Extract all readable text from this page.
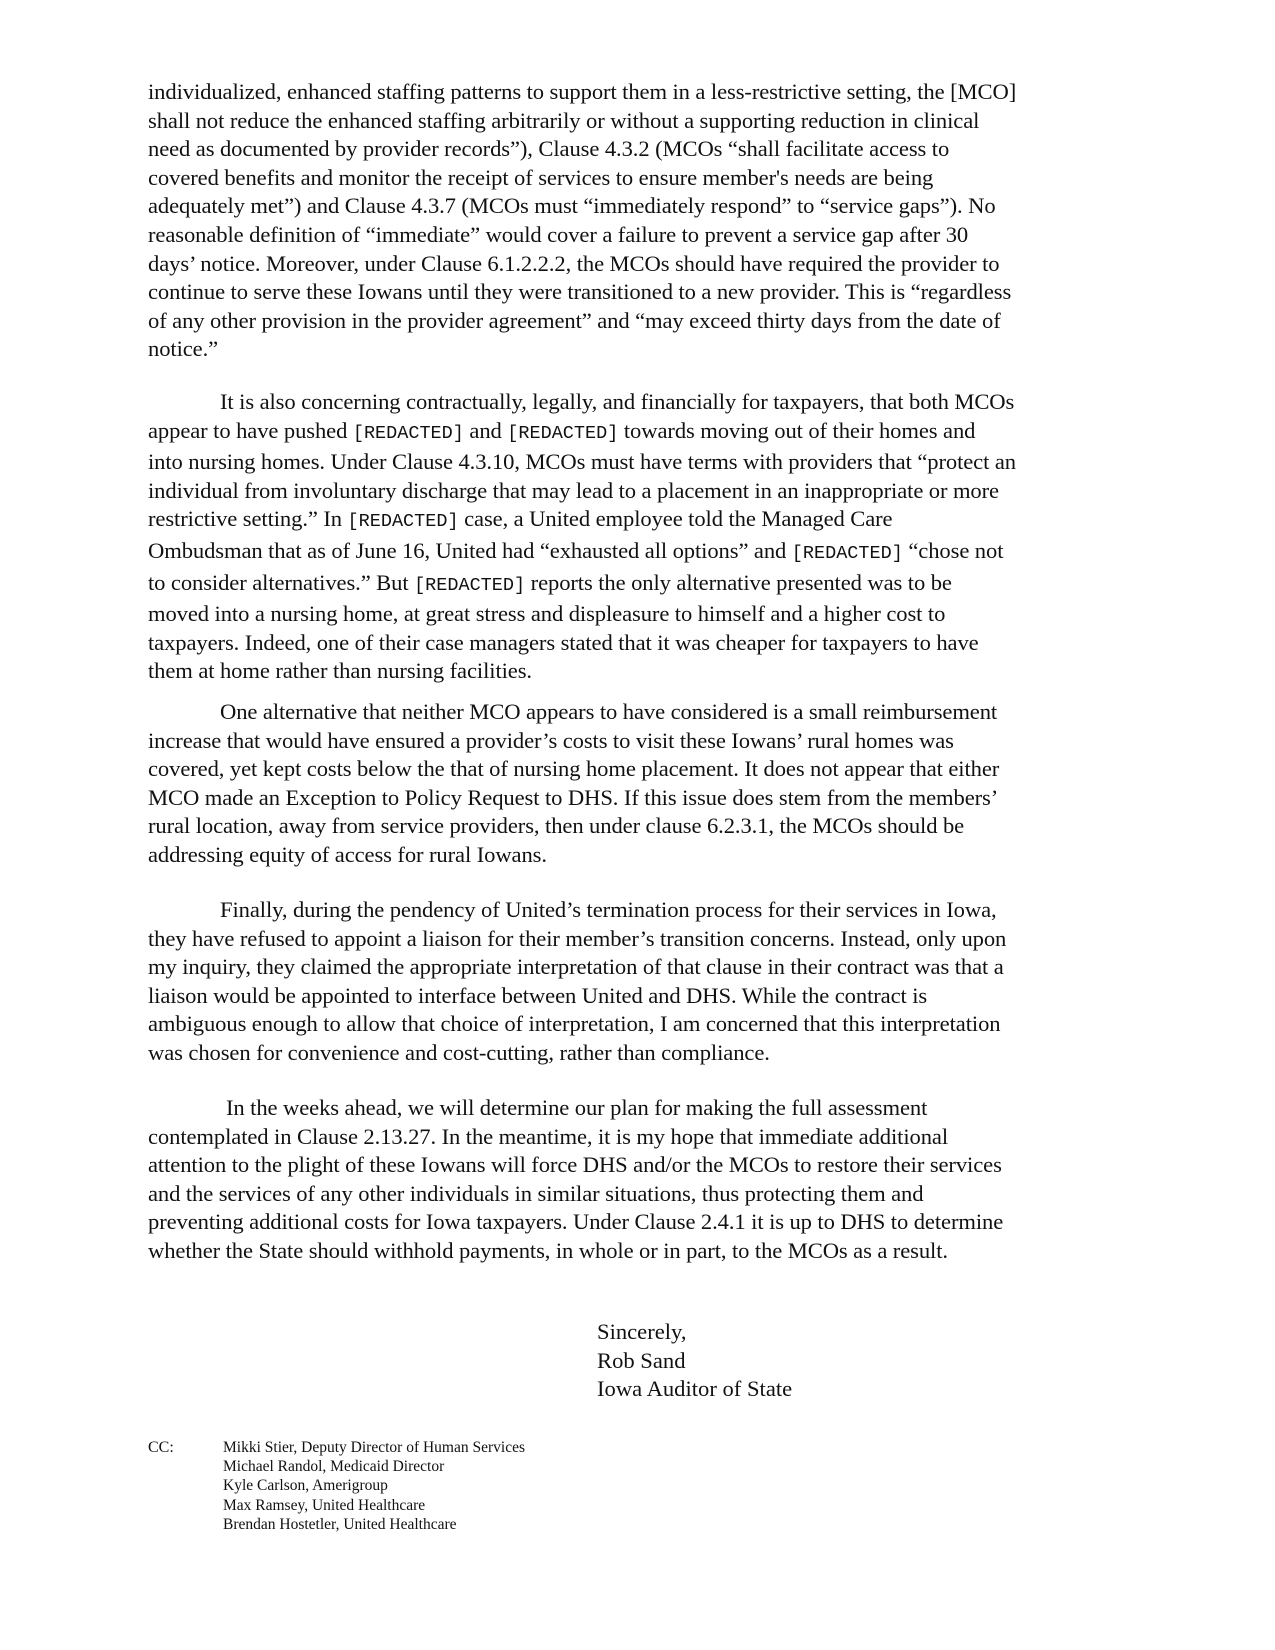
individualized, enhanced staffing patterns to support them in a less-restrictive setting, the [MCO]
shall not reduce the enhanced staffing arbitrarily or without a supporting reduction in clinical
need as documented by provider records”), Clause 4.3.2 (MCOs “shall facilitate access to
covered benefits and monitor the receipt of services to ensure member's needs are being
adequately met”) and Clause 4.3.7 (MCOs must “immediately respond” to “service gaps”). No
reasonable definition of “immediate” would cover a failure to prevent a service gap after 30
days’ notice. Moreover, under Clause 6.1.2.2.2, the MCOs should have required the provider to
continue to serve these Iowans until they were transitioned to a new provider. This is “regardless
of any other provision in the provider agreement” and “may exceed thirty days from the date of
notice.”

It is also concerning contractually, legally, and financially for taxpayers, that both MCOs
appear to have pushed [REDACTED] and [REDACTED] towards moving out of their homes and
into nursing homes. Under Clause 4.3.10, MCOs must have terms with providers that “protect an
individual from involuntary discharge that may lead to a placement in an inappropriate or more
restrictive setting.” In [REDACTED] case, a United employee told the Managed Care
Ombudsman that as of June 16, United had “exhausted all options” and [REDACTED] “chose not
to consider alternatives.” But [REDACTED] reports the only alternative presented was to be
moved into a nursing home, at great stress and displeasure to himself and a higher cost to
taxpayers. Indeed, one of their case managers stated that it was cheaper for taxpayers to have
them at home rather than nursing facilities.

One alternative that neither MCO appears to have considered is a small reimbursement
increase that would have ensured a provider’s costs to visit these Iowans’ rural homes was
covered, yet kept costs below the that of nursing home placement. It does not appear that either
MCO made an Exception to Policy Request to DHS. If this issue does stem from the members’
rural location, away from service providers, then under clause 6.2.3.1, the MCOs should be
addressing equity of access for rural Iowans.

Finally, during the pendency of United’s termination process for their services in Iowa,
they have refused to appoint a liaison for their member’s transition concerns. Instead, only upon
my inquiry, they claimed the appropriate interpretation of that clause in their contract was that a
liaison would be appointed to interface between United and DHS. While the contract is
ambiguous enough to allow that choice of interpretation, I am concerned that this interpretation
was chosen for convenience and cost-cutting, rather than compliance.

In the weeks ahead, we will determine our plan for making the full assessment
contemplated in Clause 2.13.27. In the meantime, it is my hope that immediate additional
attention to the plight of these Iowans will force DHS and/or the MCOs to restore their services
and the services of any other individuals in similar situations, thus protecting them and
preventing additional costs for Iowa taxpayers. Under Clause 2.4.1 it is up to DHS to determine
whether the State should withhold payments, in whole or in part, to the MCOs as a result.

Sincerely,
Rob Sand
Iowa Auditor of State
CC:	Mikki Stier, Deputy Director of Human Services
Michael Randol, Medicaid Director
Kyle Carlson, Amerigroup
Max Ramsey, United Healthcare
Brendan Hostetler, United Healthcare
